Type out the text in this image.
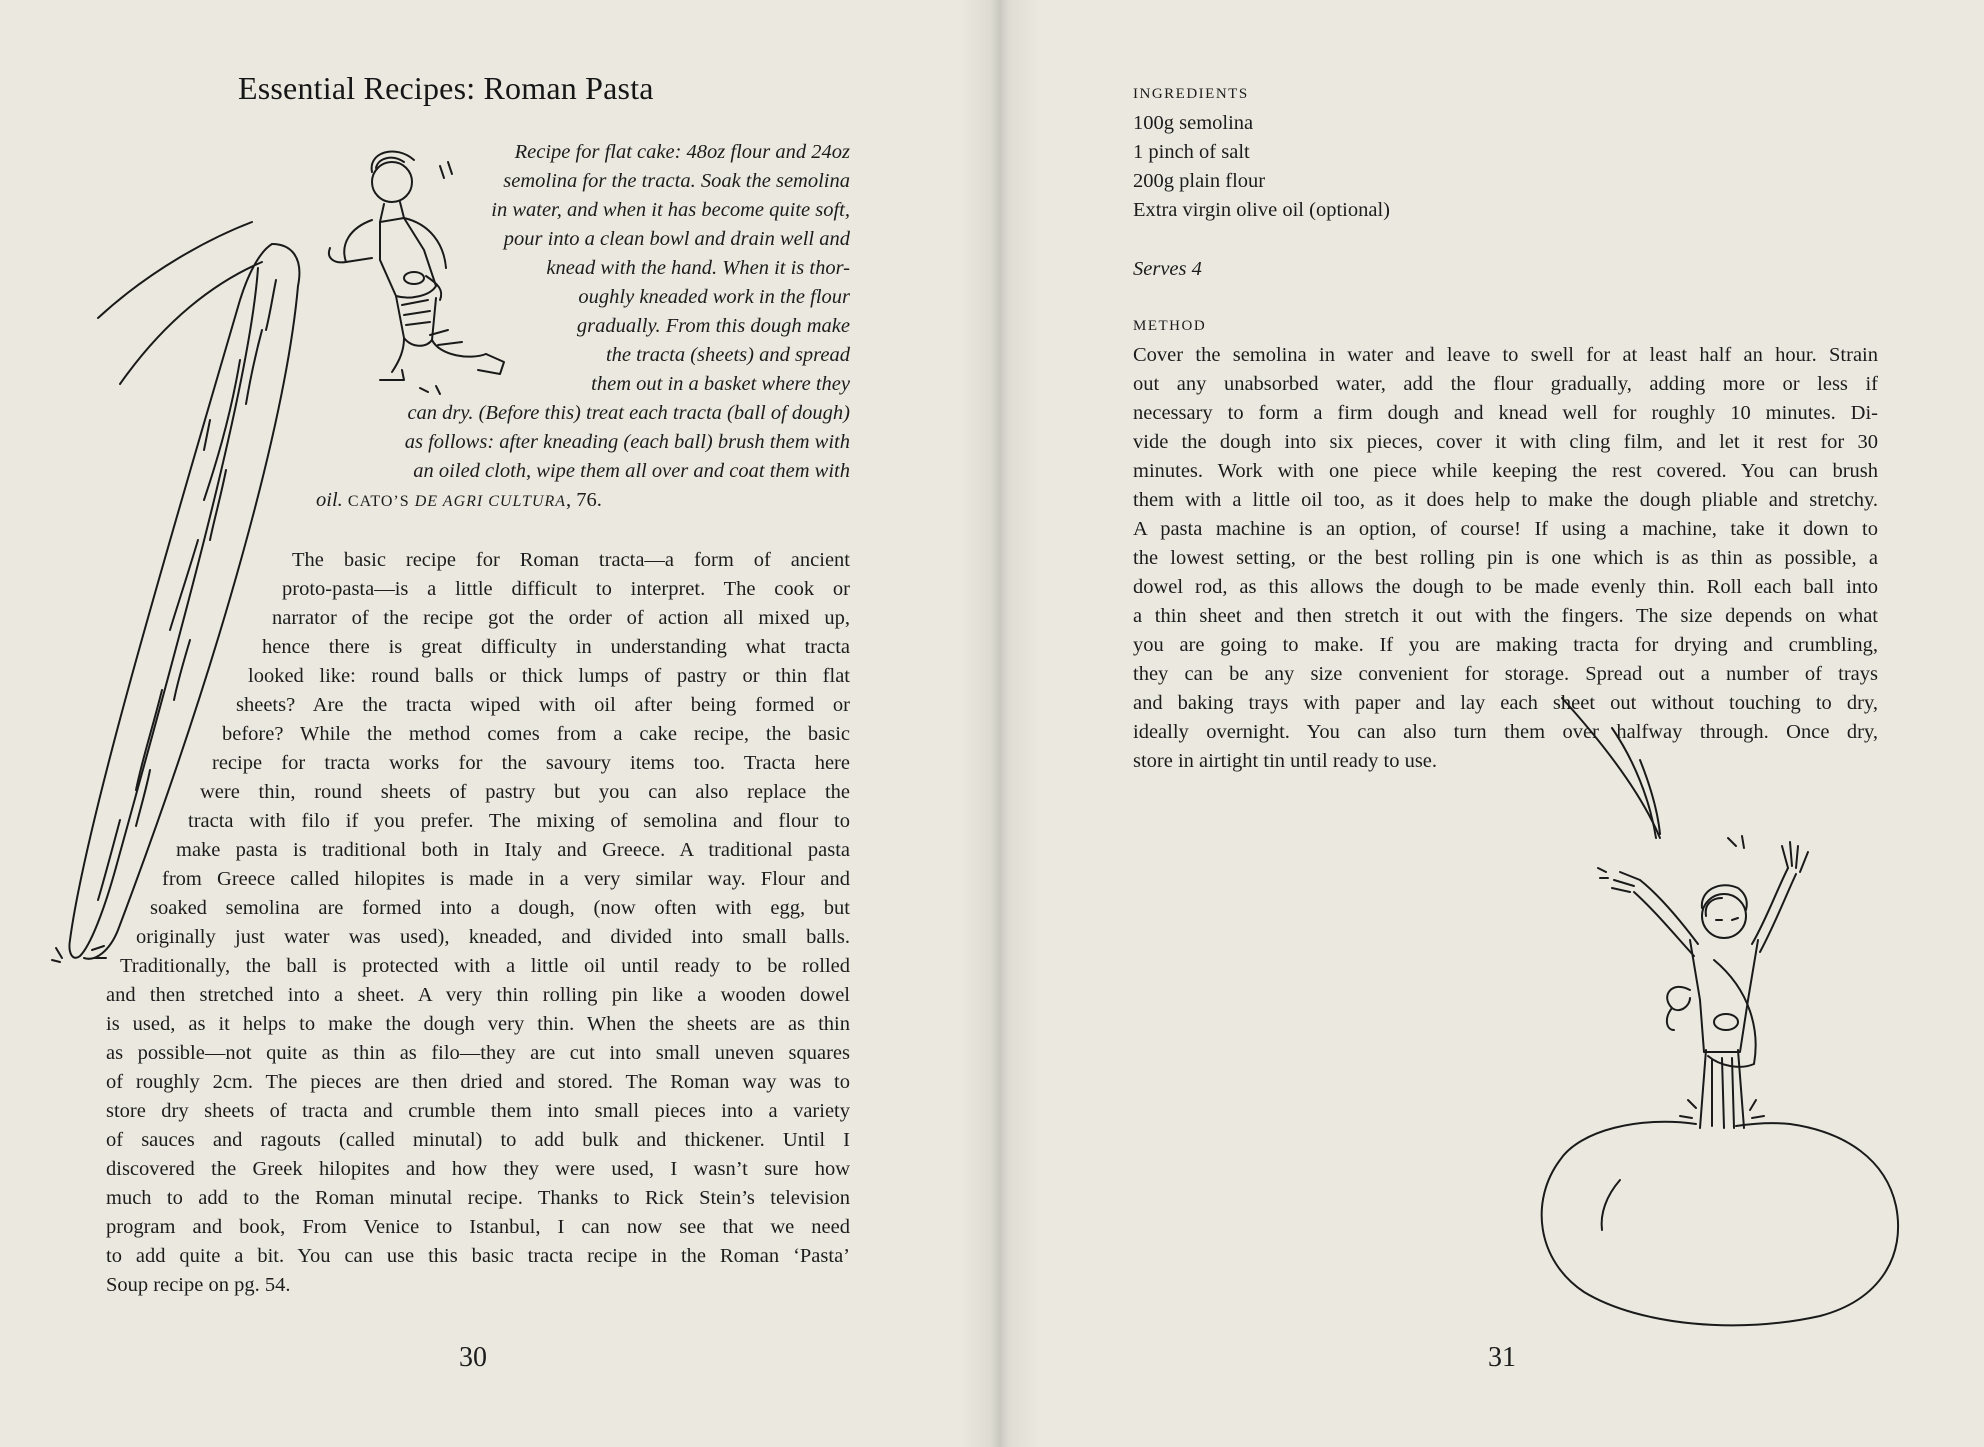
Essential Recipes: Roman Pasta
Recipe for flat cake: 48oz flour and 24oz
semolina for the tracta. Soak the semolina
in water, and when it has become quite soft,
pour into a clean bowl and drain well and
knead with the hand. When it is thor-
oughly kneaded work in the flour
gradually. From this dough make
the tracta (sheets) and spread
them out in a basket where they
can dry. (Before this) treat each tracta (ball of dough)
as follows: after kneading (each ball) brush them with
an oiled cloth, wipe them all over and coat them with
oil. CATO’S DE AGRI CULTURA, 76.
The basic recipe for Roman tracta—a form of ancient
proto-pasta—is a little difficult to interpret. The cook or
narrator of the recipe got the order of action all mixed up,
hence there is great difficulty in understanding what tracta
looked like: round balls or thick lumps of pastry or thin flat
sheets? Are the tracta wiped with oil after being formed or
before? While the method comes from a cake recipe, the basic
recipe for tracta works for the savoury items too. Tracta here
were thin, round sheets of pastry but you can also replace the
tracta with filo if you prefer. The mixing of semolina and flour to
make pasta is traditional both in Italy and Greece. A traditional pasta
from Greece called hilopites is made in a very similar way. Flour and
soaked semolina are formed into a dough, (now often with egg, but
originally just water was used), kneaded, and divided into small balls.
Traditionally, the ball is protected with a little oil until ready to be rolled
and then stretched into a sheet. A very thin rolling pin like a wooden dowel
is used, as it helps to make the dough very thin. When the sheets are as thin
as possible—not quite as thin as filo—they are cut into small uneven squares
of roughly 2cm. The pieces are then dried and stored. The Roman way was to
store dry sheets of tracta and crumble them into small pieces into a variety
of sauces and ragouts (called minutal) to add bulk and thickener. Until I
discovered the Greek hilopites and how they were used, I wasn’t sure how
much to add to the Roman minutal recipe. Thanks to Rick Stein’s television
program and book, From Venice to Istanbul, I can now see that we need
to add quite a bit. You can use this basic tracta recipe in the Roman ‘Pasta’
Soup recipe on pg. 54.
30
INGREDIENTS
100g semolina
1 pinch of salt
200g plain flour
Extra virgin olive oil (optional)
Serves 4
METHOD
Cover the semolina in water and leave to swell for at least half an hour. Strain
out any unabsorbed water, add the flour gradually, adding more or less if
necessary to form a firm dough and knead well for roughly 10 minutes. Di-
vide the dough into six pieces, cover it with cling film, and let it rest for 30
minutes. Work with one piece while keeping the rest covered. You can brush
them with a little oil too, as it does help to make the dough pliable and stretchy.
A pasta machine is an option, of course! If using a machine, take it down to
the lowest setting, or the best rolling pin is one which is as thin as possible, a
dowel rod, as this allows the dough to be made evenly thin. Roll each ball into
a thin sheet and then stretch it out with the fingers. The size depends on what
you are going to make. If you are making tracta for drying and crumbling,
they can be any size convenient for storage. Spread out a number of trays
and baking trays with paper and lay each sheet out without touching to dry,
ideally overnight. You can also turn them over halfway through. Once dry,
store in airtight tin until ready to use.
31
